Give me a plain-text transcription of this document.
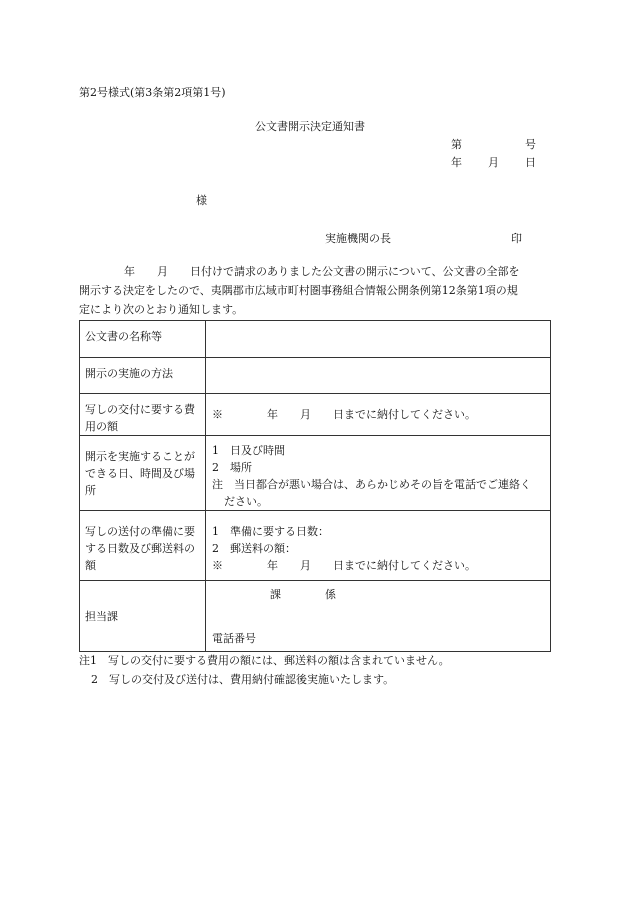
第2号様式(第3条第2項第1号)
公文書開示決定通知書
第	号
年 月 日
様
実施機関の長	印
年　　月　　日付けで請求のありました公文書の開示について、公文書の全部を
開示する決定をしたので、夷隅郡市広域市町村圏事務組合情報公開条例第12条第1項の規
定により次のとおり通知します。
公文書の名称等	
開示の実施の方法	
写しの交付に要する費用の額	※　　　　年　　月　　日までに納付してください。

開示を実施することができる日、時間及び場所	1　日及び時間
2　場所
注　当日都合が悪い場合は、あらかじめその旨を電話でご連絡く
ださい。

写しの送付の準備に要する日数及び郵送料の額	1　準備に要する日数：
2　郵送料の額：
※　　　　年　　月　　日までに納付してください。

担当課	課　　　　係
電話番号
注1　写しの交付に要する費用の額には、郵送料の額は含まれていません。
2　写しの交付及び送付は、費用納付確認後実施いたします。
